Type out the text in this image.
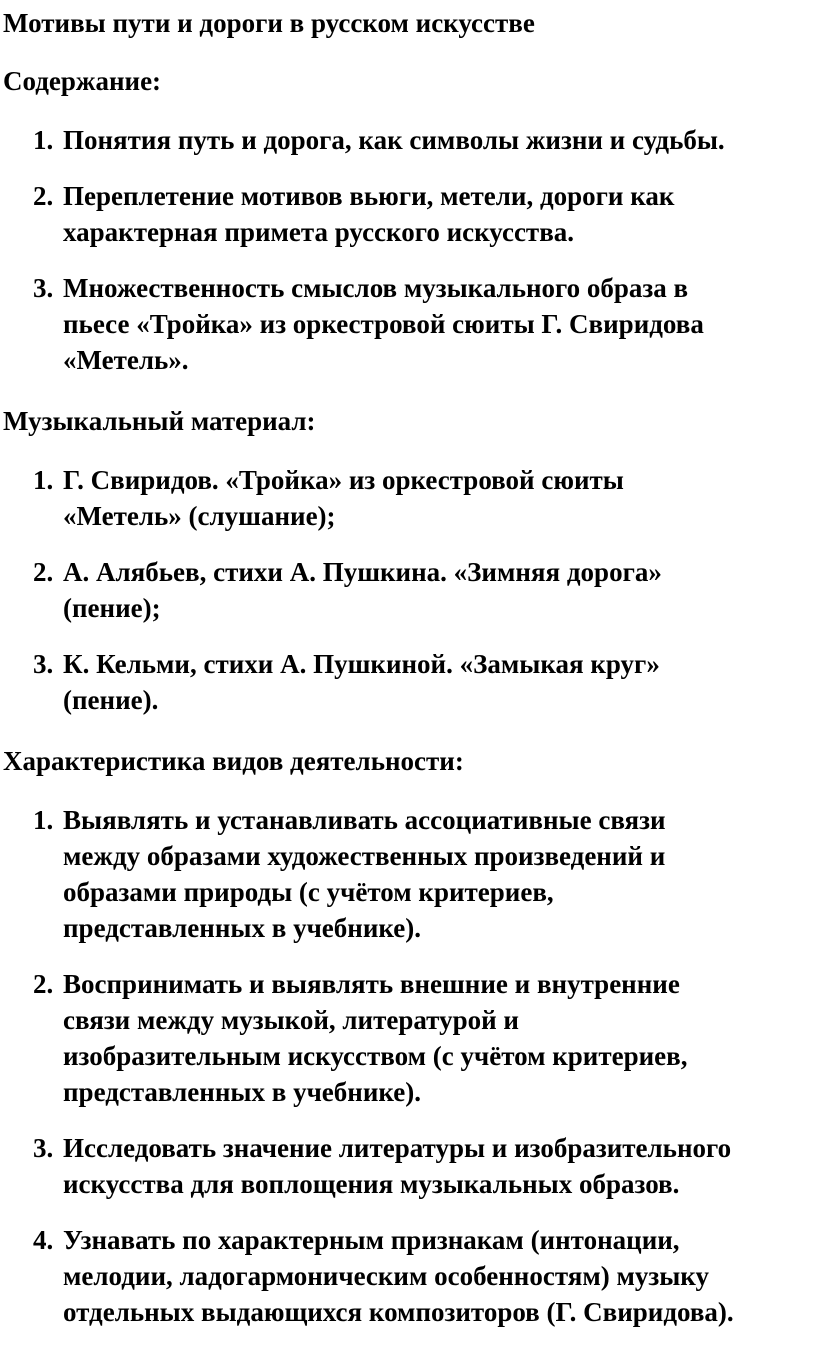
Мотивы пути и дороги в русском искусстве
Содержание:
1. Понятия путь и дорога, как символы жизни и судьбы.
2. Переплетение мотивов вьюги, метели, дороги как характерная примета русского искусства.
3. Множественность смыслов музыкального образа в пьесе «Тройка» из оркестровой сюиты Г. Свиридова «Метель».
Музыкальный материал:
1. Г. Свиридов. «Тройка» из оркестровой сюиты «Метель» (слушание);
2. А. Алябьев, стихи А. Пушкина. «Зимняя дорога» (пение);
3. К. Кельми, стихи А. Пушкиной. «Замыкая круг» (пение).
Характеристика видов деятельности:
1. Выявлять и устанавливать ассоциативные связи между образами художественных произведений и образами природы (с учётом критериев, представленных в учебнике).
2. Воспринимать и выявлять внешние и внутренние связи между музыкой, литературой и изобразительным искусством (с учётом критериев, представленных в учебнике).
3. Исследовать значение литературы и изобразительного искусства для воплощения музыкальных образов.
4. Узнавать по характерным признакам (интонации, мелодии, ладогармоническим особенностям) музыку отдельных выдающихся композиторов (Г. Свиридова).
